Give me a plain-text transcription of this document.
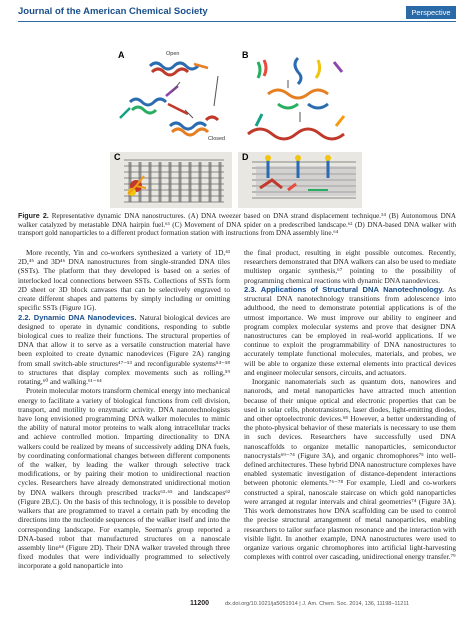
Journal of the American Chemical Society	Perspective
A	Open
Closed
B
C	D
Figure 2. Representative dynamic DNA nanostructures. (A) DNA tweezer based on DNA strand displacement technique.⁵⁴ (B) Autonomous DNA walker catalyzed by metastable DNA hairpin fuel.⁶³ (C) Movement of DNA spider on a predescribed landscape.⁶² (D) DNA-based DNA walker with transport gold nanoparticles to a different product formation station with instructions from DNA assembly line.⁶⁴

More recently, Yin and co-workers synthesized a variety of 1D,⁴³ 2D,⁴⁵ and 3D⁴⁶ DNA nanostructures from single-stranded DNA tiles (SSTs). The platform that they developed is based on a series of interlocked local connections between SSTs. Collections of SSTs form 2D sheet or 3D block canvases that can be selectively engraved to create different shapes and patterns by simply including or omitting specific SSTs (Figure 1G).

2.2. Dynamic DNA Nanodevices. Natural biological devices are designed to operate in dynamic conditions, responding to subtle biological cues to realize their functions. The structural properties of DNA that allow it to serve as a versatile construction material have been exploited to create dynamic nanodevices (Figure 2A) ranging from small switch-able structures⁴⁷⁻⁵³ and reconfigurable systems⁵⁴⁻⁵⁸ to structures that display complex movements such as rolling,⁵⁹ rotating,⁶⁰ and walking.⁶¹⁻⁶⁴

Protein molecular motors transform chemical energy into mechanical energy to facilitate a variety of biological functions from cell division, transport, and motility to enzymatic activity. DNA nanotechnologists have long envisioned programming DNA walker molecules to mimic the ability of natural motor proteins to walk along intracellular tracks and achieve controlled motion. Imparting directionality to DNA walkers could be realized by means of successively adding DNA fuels, by coordinating conformational changes between different components of the walker, by leading the walker through selective track modifications, or by pairing their motion to unidirectional reaction cycles. Researchers have already demonstrated unidirectional motion by DNA walkers through prescribed tracks⁶³·⁶⁵ and landscapes⁶² (Figure 2B,C). On the basis of this technology, it is possible to develop walkers that are programmed to travel a certain path by encoding the directions into the nucleotide sequences of the walker itself and into the corresponding landscape. For example, Seeman's group reported a DNA-based robot that manufactured structures on a nanoscale assembly line⁶⁴ (Figure 2D). Their DNA walker traveled through three fixed modules that were individually programmed to selectively incorporate a gold nanoparticle into

the final product, resulting in eight possible outcomes. Recently, researchers demonstrated that DNA walkers can also be used to mediate multistep organic synthesis,⁶⁷ pointing to the possibility of programming chemical reactions with dynamic DNA nanodevices.

2.3. Applications of Structural DNA Nanotechnology. As structural DNA nanotechnology transitions from adolescence into adulthood, the need to demonstrate potential applications is of the utmost importance. We must improve our ability to engineer and program complex molecular systems and prove that designer DNA nanostructures can be employed in real-world applications. If we continue to exploit the programmability of DNA nanostructures to accurately template functional molecules, materials, and probes, we will be able to organize these external elements into practical devices and engineer molecular sensors, circuits, and actuators.

Inorganic nanomaterials such as quantum dots, nanowires and nanorods, and metal nanoparticles have attracted much attention because of their unique optical and electronic properties that can be used in solar cells, phototransistors, laser diodes, light-emitting diodes, and other optoelectronic devices.⁶⁸ However, a better understanding of the photo-physical behavior of these materials is necessary to use them in such devices. Researchers have successfully used DNA nanoscaffolds to organize metallic nanoparticles, semiconductor nanocrystals⁶⁹⁻⁷⁴ (Figure 3A), and organic chromophores⁷⁵ into well-defined architectures. These hybrid DNA nanostructure complexes have enabled systematic investigation of distance-dependent interactions between photonic elements.⁷⁶⁻⁷⁸ For example, Liedl and co-workers constructed a spiral, nanoscale staircase on which gold nanoparticles were arranged at regular intervals and chiral geometries⁷⁴ (Figure 3A). This work demonstrates how DNA scaffolding can be used to control the precise structural arrangement of metal nanoparticles, enabling researchers to tailor surface plasmon resonance and the interaction with visible light. In another example, DNA nanostructures were used to organize various organic chromophores into artificial light-harvesting complexes with control over cascading, unidirectional energy transfer.⁷⁹

11200	dx.doi.org/10.1021/ja5051914 | J. Am. Chem. Soc. 2014, 136, 11198−11211
